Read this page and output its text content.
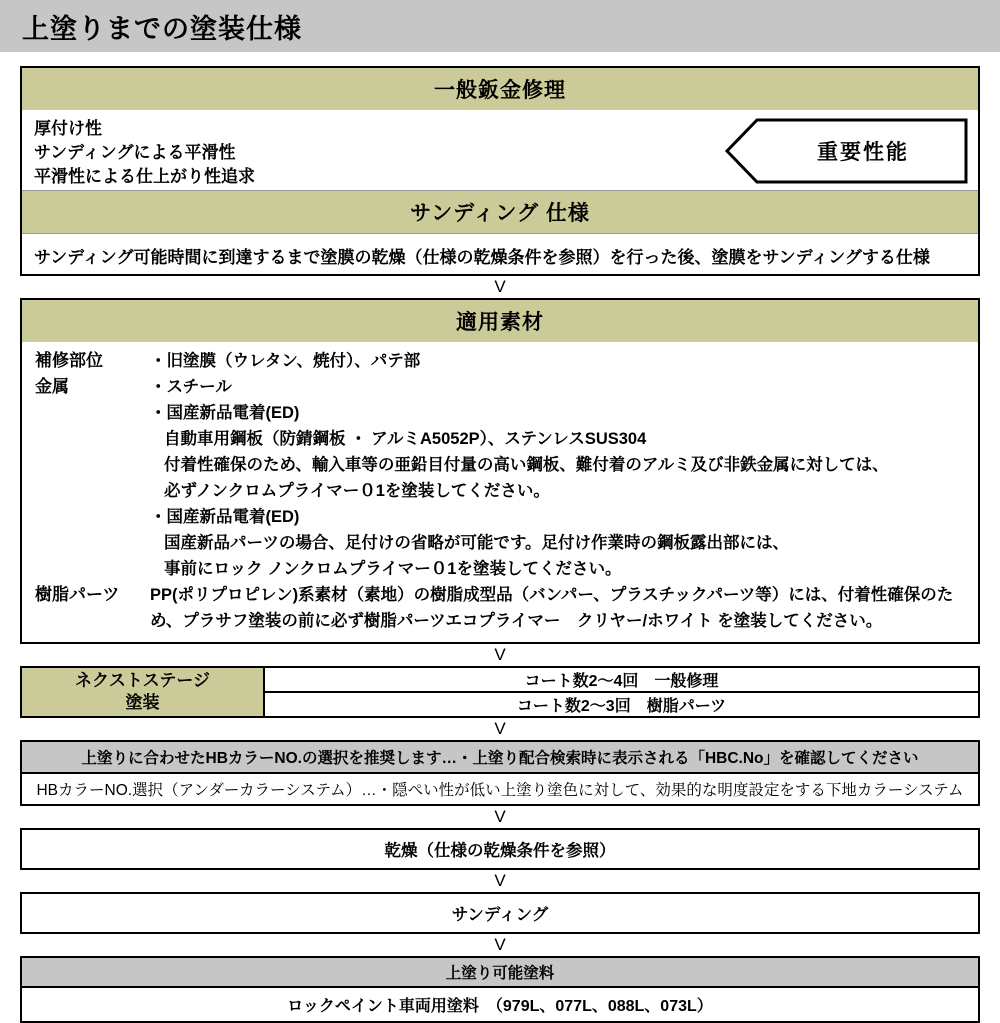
上塗りまでの塗装仕様
一般鈑金修理
厚付け性
サンディングによる平滑性
平滑性による仕上がり性追求
重要性能
サンディング 仕様
サンディング可能時間に到達するまで塗膜の乾燥（仕様の乾燥条件を参照）を行った後、塗膜をサンディングする仕様
V
適用素材
補修部位	・旧塗膜（ウレタン、焼付）、パテ部
金属	・スチール
・国産新品電着(ED)
自動車用鋼板（防錆鋼板 ・ アルミA5052P）、ステンレスSUS304
付着性確保のため、輸入車等の亜鉛目付量の高い鋼板、難付着のアルミ及び非鉄金属に対しては、
必ずノンクロムプライマー０1を塗装してください。
・国産新品電着(ED)
国産新品パーツの場合、足付けの省略が可能です。足付け作業時の鋼板露出部には、
事前にロック ノンクロムプライマー０1を塗装してください。
樹脂パーツ	PP(ポリプロピレン)系素材（素地）の樹脂成型品（バンパー、プラスチックパーツ等）には、付着性確保のため、プラサフ塗装の前に必ず樹脂パーツエコプライマー　クリヤー/ホワイト を塗装してください。
V
ネクストステージ
塗装
コート数2～4回　一般修理
コート数2～3回　樹脂パーツ
V
上塗りに合わせたHBカラーNO.の選択を推奨します…・上塗り配合検索時に表示される「HBC.No」を確認してください
HBカラーNO.選択（アンダーカラーシステム）…・隠ぺい性が低い上塗り塗色に対して、効果的な明度設定をする下地カラーシステム
V
乾燥（仕様の乾燥条件を参照）
V
サンディング
V
上塗り可能塗料
ロックペイント車両用塗料　（979L、077L、088L、073L）
